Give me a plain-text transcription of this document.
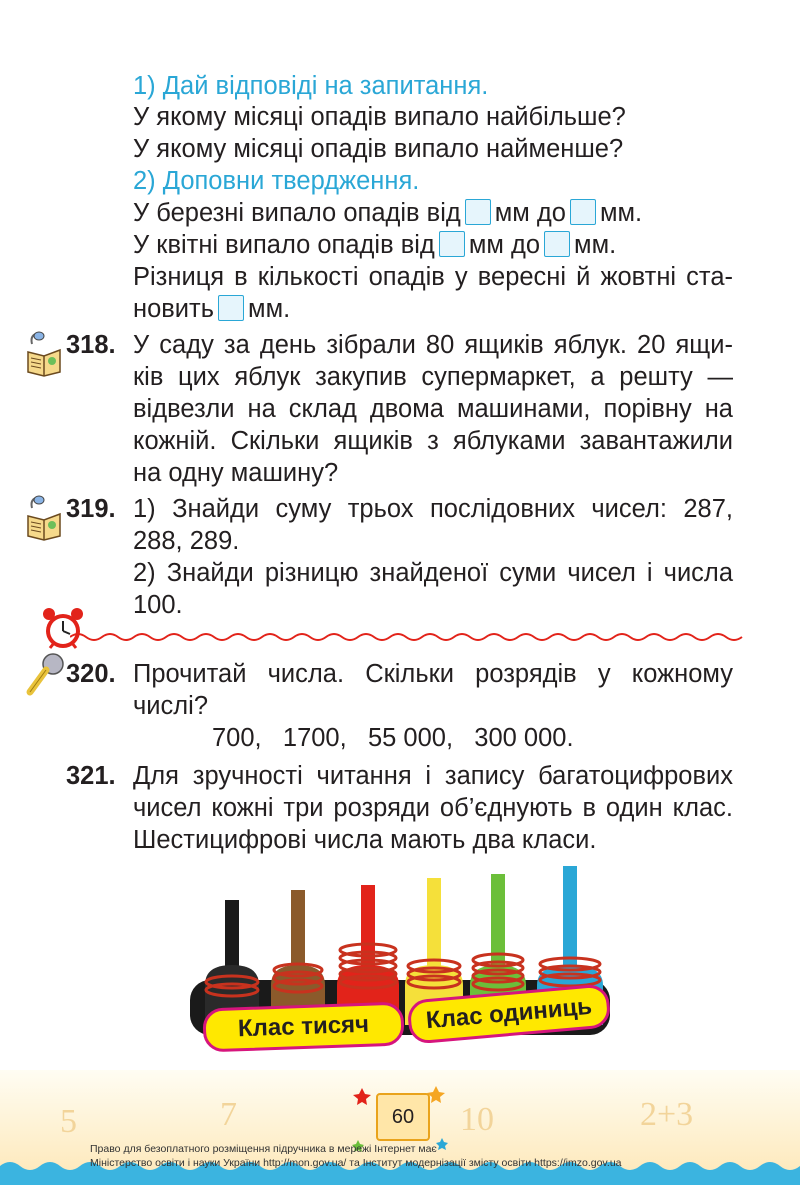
1) Дай відповіді на запитання.
У якому місяці опадів випало найбільше?
У якому місяці опадів випало найменше?
2) Доповни твердження.
У березні випало опадів від мм до мм.
У квітні випало опадів від мм до мм.
Різниця в кількості опадів у вересні й жовтні ста-
новить мм.
318. У саду за день зібрали 80 ящиків яблук. 20 ящи-
ків цих яблук закупив супермаркет, а решту —
відвезли на склад двома машинами, порівну на
кожній. Скільки ящиків з яблуками завантажили
на одну машину?
319. 1) Знайди суму трьох послідовних чисел: 287,
288, 289.
2) Знайди різницю знайденої суми чисел і числа
100.
320. Прочитай числа. Скільки розрядів у кожному
числі?
700,   1700,   55 000,   300 000.
321. Для зручності читання і запису багатоцифрових
чисел кожні три розряди об’єднують в один клас.
Шестицифрові числа мають два класи.
Клас тисяч	Клас одиниць
5	7	10	2+3
60
Право для безоплатного розміщення підручника в мережі Інтернет має
Міністерство освіти і науки України http://mon.gov.ua/ та Інститут модернізації змісту освіти https://imzo.gov.ua
